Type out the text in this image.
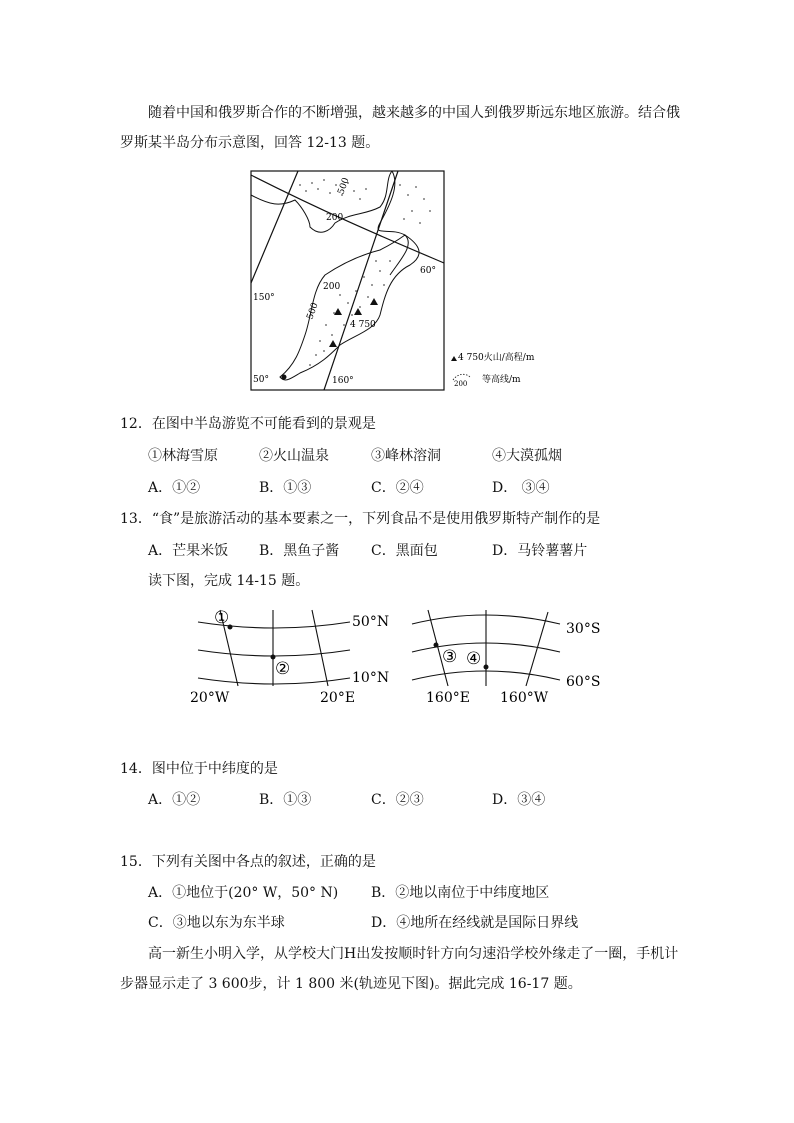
随着中国和俄罗斯合作的不断增强，越来越多的中国人到俄罗斯远东地区旅游。结合俄
罗斯某半岛分布示意图，回答 12-13 题。
500
200
200
500
60°
50°
150°
160°
4 750
4 750火山/高程/m
200 等高线/m
12．在图中半岛游览不可能看到的景观是
①林海雪原	②火山温泉	③峰林溶洞	④大漠孤烟
A．①②	B．①③	C．②④	D． ③④
13．“食”是旅游活动的基本要素之一，下列食品不是使用俄罗斯特产制作的是
A．芒果米饭 B．黑鱼子酱 C．黑面包	D．马铃薯薯片
读下图，完成 14-15 题。
①
②
50°N
10°N
20°W	20°E
③ ④
30°S
60°S
160°E 160°W
14．图中位于中纬度的是
A．①②	B．①③	C．②③	D．③④
15．下列有关图中各点的叙述，正确的是
A．①地位于(20° W，50° N) B．②地以南位于中纬度地区
C．③地以东为东半球	D．④地所在经线就是国际日界线
高一新生小明入学，从学校大门H出发按顺时针方向匀速沿学校外缘走了一圈，手机计
步器显示走了 3 600步，计 1 800 米(轨迹见下图)。据此完成 16-17 题。
